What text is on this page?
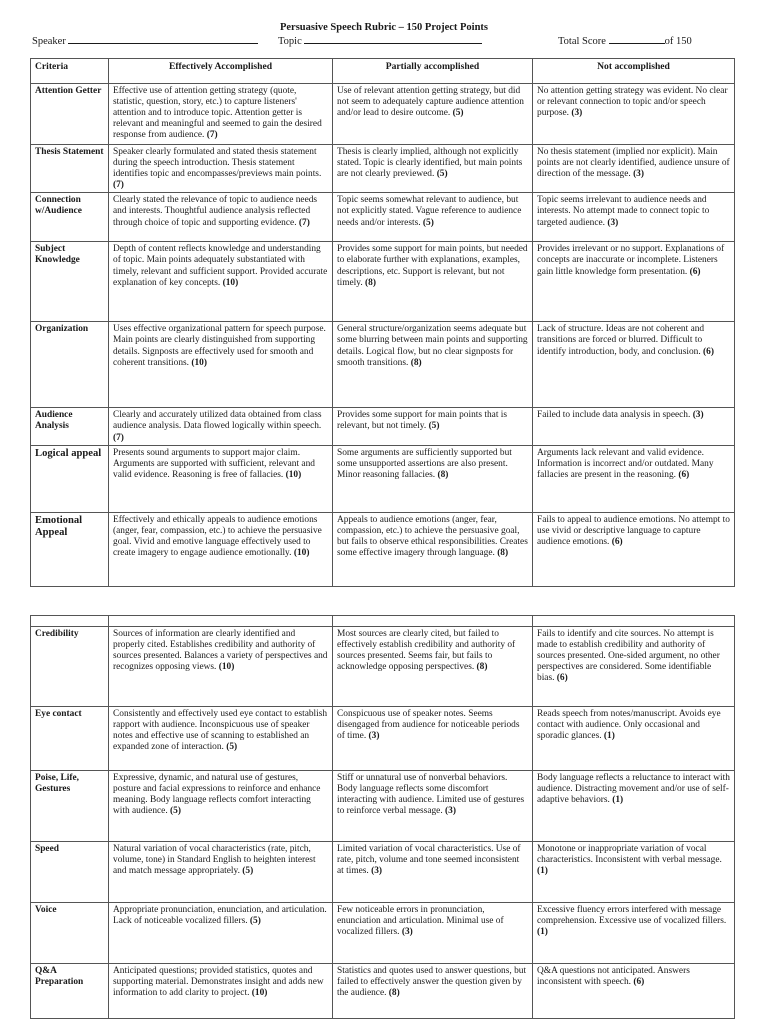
Persuasive Speech Rubric – 150 Project Points
Speaker	Topic	Total Score	of 150
Criteria	Effectively Accomplished	Partially accomplished	Not accomplished
Attention Getter	Effective use of attention getting strategy (quote, statistic, question, story, etc.) to capture listeners' attention and to introduce topic. Attention getter is relevant and meaningful and seemed to gain the desired response from audience. (7)	Use of relevant attention getting strategy, but did not seem to adequately capture audience attention and/or lead to desire outcome. (5)	No attention getting strategy was evident. No clear or relevant connection to topic and/or speech purpose. (3)
Thesis Statement	Speaker clearly formulated and stated thesis statement during the speech introduction. Thesis statement identifies topic and encompasses/previews main points. (7)	Thesis is clearly implied, although not explicitly stated. Topic is clearly identified, but main points are not clearly previewed. (5)	No thesis statement (implied nor explicit). Main points are not clearly identified, audience unsure of direction of the message. (3)
Connection w/Audience	Clearly stated the relevance of topic to audience needs and interests. Thoughtful audience analysis reflected through choice of topic and supporting evidence. (7)	Topic seems somewhat relevant to audience, but not explicitly stated. Vague reference to audience needs and/or interests. (5)	Topic seems irrelevant to audience needs and interests. No attempt made to connect topic to targeted audience. (3)
Subject Knowledge	Depth of content reflects knowledge and understanding of topic. Main points adequately substantiated with timely, relevant and sufficient support. Provided accurate explanation of key concepts. (10)	Provides some support for main points, but needed to elaborate further with explanations, examples, descriptions, etc. Support is relevant, but not timely. (8)	Provides irrelevant or no support. Explanations of concepts are inaccurate or incomplete. Listeners gain little knowledge form presentation. (6)
Organization	Uses effective organizational pattern for speech purpose. Main points are clearly distinguished from supporting details. Signposts are effectively used for smooth and coherent transitions. (10)	General structure/organization seems adequate but some blurring between main points and supporting details. Logical flow, but no clear signposts for smooth transitions. (8)	Lack of structure. Ideas are not coherent and transitions are forced or blurred. Difficult to identify introduction, body, and conclusion. (6)
Audience Analysis	Clearly and accurately utilized data obtained from class audience analysis. Data flowed logically within speech. (7)	Provides some support for main points that is relevant, but not timely. (5)	Failed to include data analysis in speech. (3)
Logical appeal	Presents sound arguments to support major claim. Arguments are supported with sufficient, relevant and valid evidence. Reasoning is free of fallacies. (10)	Some arguments are sufficiently supported but some unsupported assertions are also present. Minor reasoning fallacies. (8)	Arguments lack relevant and valid evidence. Information is incorrect and/or outdated. Many fallacies are present in the reasoning. (6)
Emotional Appeal	Effectively and ethically appeals to audience emotions (anger, fear, compassion, etc.) to achieve the persuasive goal. Vivid and emotive language effectively used to create imagery to engage audience emotionally. (10)	Appeals to audience emotions (anger, fear, compassion, etc.) to achieve the persuasive goal, but fails to observe ethical responsibilities. Creates some effective imagery through language. (8)	Fails to appeal to audience emotions. No attempt to use vivid or descriptive language to capture audience emotions. (6)

Credibility	Sources of information are clearly identified and properly cited. Establishes credibility and authority of sources presented. Balances a variety of perspectives and recognizes opposing views. (10)	Most sources are clearly cited, but failed to effectively establish credibility and authority of sources presented. Seems fair, but fails to acknowledge opposing perspectives. (8)	Fails to identify and cite sources. No attempt is made to establish credibility and authority of sources presented. One-sided argument, no other perspectives are considered. Some identifiable bias. (6)
Eye contact	Consistently and effectively used eye contact to establish rapport with audience. Inconspicuous use of speaker notes and effective use of scanning to established an expanded zone of interaction. (5)	Conspicuous use of speaker notes. Seems disengaged from audience for noticeable periods of time. (3)	Reads speech from notes/manuscript. Avoids eye contact with audience. Only occasional and sporadic glances. (1)
Poise, Life, Gestures	Expressive, dynamic, and natural use of gestures, posture and facial expressions to reinforce and enhance meaning. Body language reflects comfort interacting with audience. (5)	Stiff or unnatural use of nonverbal behaviors. Body language reflects some discomfort interacting with audience. Limited use of gestures to reinforce verbal message. (3)	Body language reflects a reluctance to interact with audience. Distracting movement and/or use of self-adaptive behaviors. (1)
Speed	Natural variation of vocal characteristics (rate, pitch, volume, tone) in Standard English to heighten interest and match message appropriately. (5)	Limited variation of vocal characteristics. Use of rate, pitch, volume and tone seemed inconsistent at times. (3)	Monotone or inappropriate variation of vocal characteristics. Inconsistent with verbal message. (1)
Voice	Appropriate pronunciation, enunciation, and articulation. Lack of noticeable vocalized fillers. (5)	Few noticeable errors in pronunciation, enunciation and articulation. Minimal use of vocalized fillers. (3)	Excessive fluency errors interfered with message comprehension. Excessive use of vocalized fillers. (1)
Q&A Preparation	Anticipated questions; provided statistics, quotes and supporting material. Demonstrates insight and adds new information to add clarity to project. (10)	Statistics and quotes used to answer questions, but failed to effectively answer the question given by the audience. (8)	Q&A questions not anticipated. Answers inconsistent with speech. (6)
